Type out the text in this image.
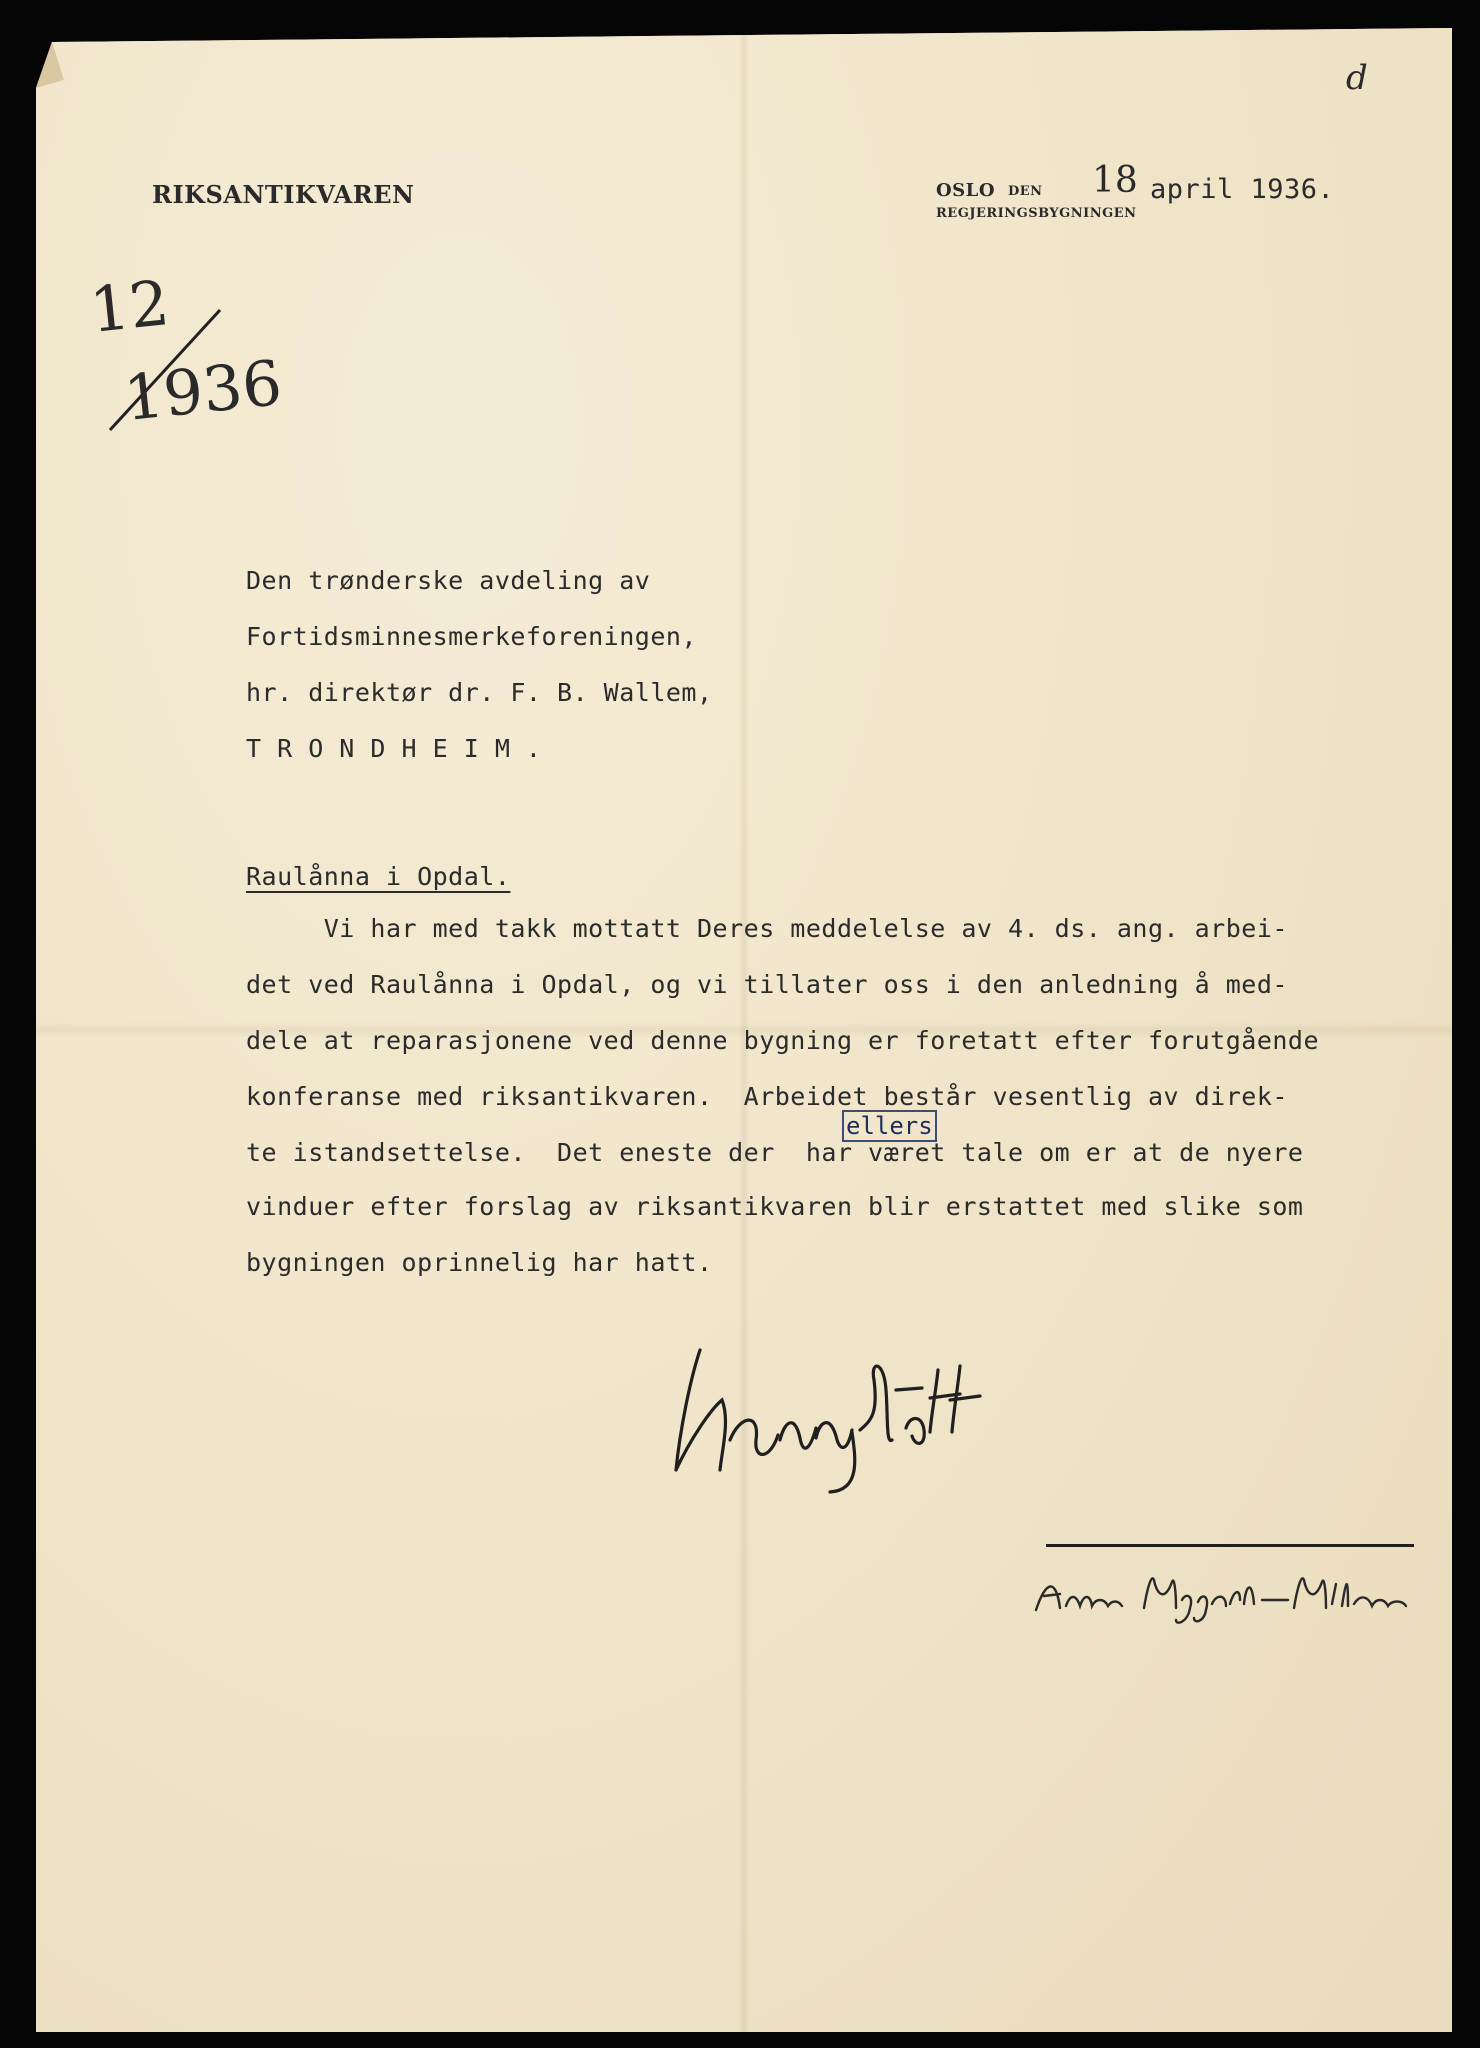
d
RIKSANTIKVAREN	OSLO DEN
REGJERINGSBYGNINGEN
18 april 1936.
12
1936
Den trønderske avdeling av
Fortidsminnesmerkeforeningen,
hr. direktør dr. F. B. Wallem,
T R O N D H E I M .
Raulånna i Opdal.
Vi har med takk mottatt Deres meddelelse av 4. ds. ang. arbei-
det ved Raulånna i Opdal, og vi tillater oss i den anledning å med-
dele at reparasjonene ved denne bygning er foretatt efter forutgående
konferanse med riksantikvaren.  Arbeidet består vesentlig av direk-
ellers
te istandsettelse.  Det eneste der  har været tale om er at de nyere
vinduer efter forslag av riksantikvaren blir erstattet med slike som
bygningen oprinnelig har hatt.
